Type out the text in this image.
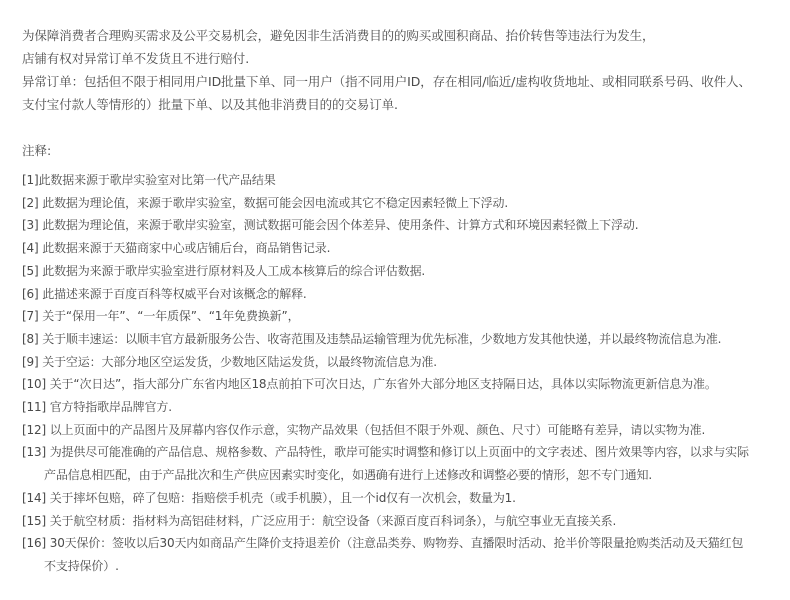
为保障消费者合理购买需求及公平交易机会，避免因非生活消费目的的购买或囤积商品、抬价转售等违法行为发生，
店铺有权对异常订单不发货且不进行赔付.
异常订单：包括但不限于相同用户ID批量下单、同一用户（指不同用户ID，存在相同/临近/虚构收货地址、或相同联系号码、收件人、
支付宝付款人等情形的）批量下单、以及其他非消费目的的交易订单.
注释:
[1]此数据来源于歌岸实验室对比第一代产品结果
[2] 此数据为理论值，来源于歌岸实验室，数据可能会因电流或其它不稳定因素轻微上下浮动.
[3] 此数据为理论值，来源于歌岸实验室，测试数据可能会因个体差异、使用条件、计算方式和环境因素轻微上下浮动.
[4] 此数据来源于天猫商家中心或店铺后台，商品销售记录.
[5] 此数据为来源于歌岸实验室进行原材料及人工成本核算后的综合评估数据.
[6] 此描述来源于百度百科等权威平台对该概念的解释.
[7] 关于“保用一年”、“一年质保”、“1年免费换新”，
[8] 关于顺丰速运：以顺丰官方最新服务公告、收寄范围及违禁品运输管理为优先标准，少数地方发其他快递，并以最终物流信息为准.
[9] 关于空运：大部分地区空运发货，少数地区陆运发货，以最终物流信息为准.
[10] 关于“次日达”，指大部分广东省内地区18点前拍下可次日达，广东省外大部分地区支持隔日达，具体以实际物流更新信息为准。
[11] 官方特指歌岸品牌官方.
[12] 以上页面中的产品图片及屏幕内容仅作示意，实物产品效果（包括但不限于外观、颜色、尺寸）可能略有差异，请以实物为准.
[13] 为提供尽可能准确的产品信息、规格参数、产品特性，歌岸可能实时调整和修订以上页面中的文字表述、图片效果等内容，以求与实际
产品信息相匹配，由于产品批次和生产供应因素实时变化，如遇确有进行上述修改和调整必要的情形，恕不专门通知.
[14] 关于摔坏包赔，碎了包赔：指赔偿手机壳（或手机膜），且一个id仅有一次机会，数量为1.
[15] 关于航空材质：指材料为高铝硅材料，广泛应用于：航空设备（来源百度百科词条），与航空事业无直接关系.
[16] 30天保价：签收以后30天内如商品产生降价支持退差价（注意品类券、购物券、直播限时活动、抢半价等限量抢购类活动及天猫红包
不支持保价）.
